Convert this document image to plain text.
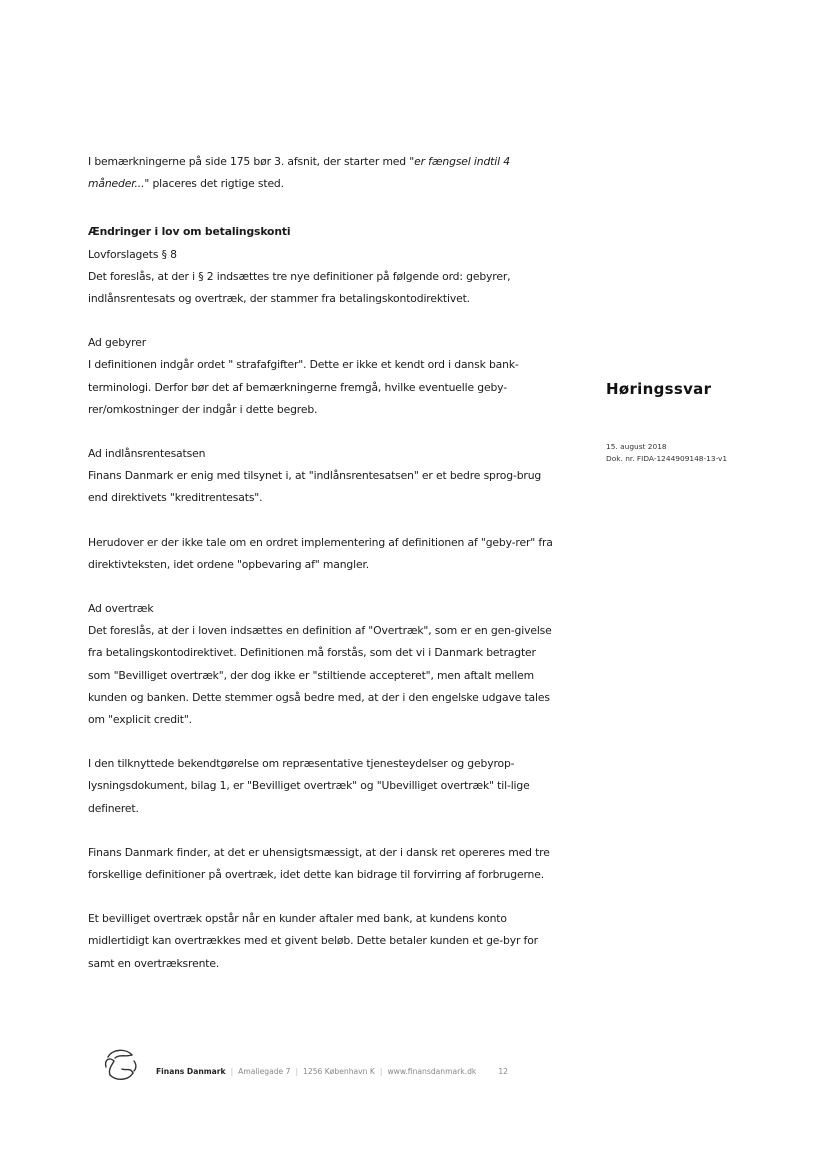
I bemærkningerne på side 175 bør 3. afsnit, der starter med "er fængsel indtil 4 måneder..." placeres det rigtige sted.

Ændringer i lov om betalingskonti

Lovforslagets § 8

Det foreslås, at der i § 2 indsættes tre nye definitioner på følgende ord: gebyrer, indlånsrentesats og overtræk, der stammer fra betalingskontodirektivet.

Ad gebyrer

I definitionen indgår ordet " strafafgifter". Dette er ikke et kendt ord i dansk bank-terminologi. Derfor bør det af bemærkningerne fremgå, hvilke eventuelle geby-rer/omkostninger der indgår i dette begreb.

Ad indlånsrentesatsen

Finans Danmark er enig med tilsynet i, at "indlånsrentesatsen" er et bedre sprog-brug end direktivets "kreditrentesats".

Herudover er der ikke tale om en ordret implementering af definitionen af "geby-rer" fra direktivteksten, idet ordene "opbevaring af" mangler.

Ad overtræk

Det foreslås, at der i loven indsættes en definition af "Overtræk", som er en gen-givelse fra betalingskontodirektivet. Definitionen må forstås, som det vi i Danmark betragter som "Bevilliget overtræk", der dog ikke er "stiltiende accepteret", men aftalt mellem kunden og banken. Dette stemmer også bedre med, at der i den engelske udgave tales om "explicit credit".

I den tilknyttede bekendtgørelse om repræsentative tjenesteydelser og gebyrop-lysningsdokument, bilag 1, er "Bevilliget overtræk" og "Ubevilliget overtræk" til-lige defineret.

Finans Danmark finder, at det er uhensigtsmæssigt, at der i dansk ret opereres med tre forskellige definitioner på overtræk, idet dette kan bidrage til forvirring af forbrugerne.

Et bevilliget overtræk opstår når en kunder aftaler med bank, at kundens konto midlertidigt kan overtrækkes med et givent beløb. Dette betaler kunden et ge-byr for samt en overtræksrente.

Høringssvar

15. august 2018
Dok. nr. FIDA-1244909148-13-v1
Finans Danmark | Amaliegade 7 | 1256 København K | www.finansdanmark.dk	12
